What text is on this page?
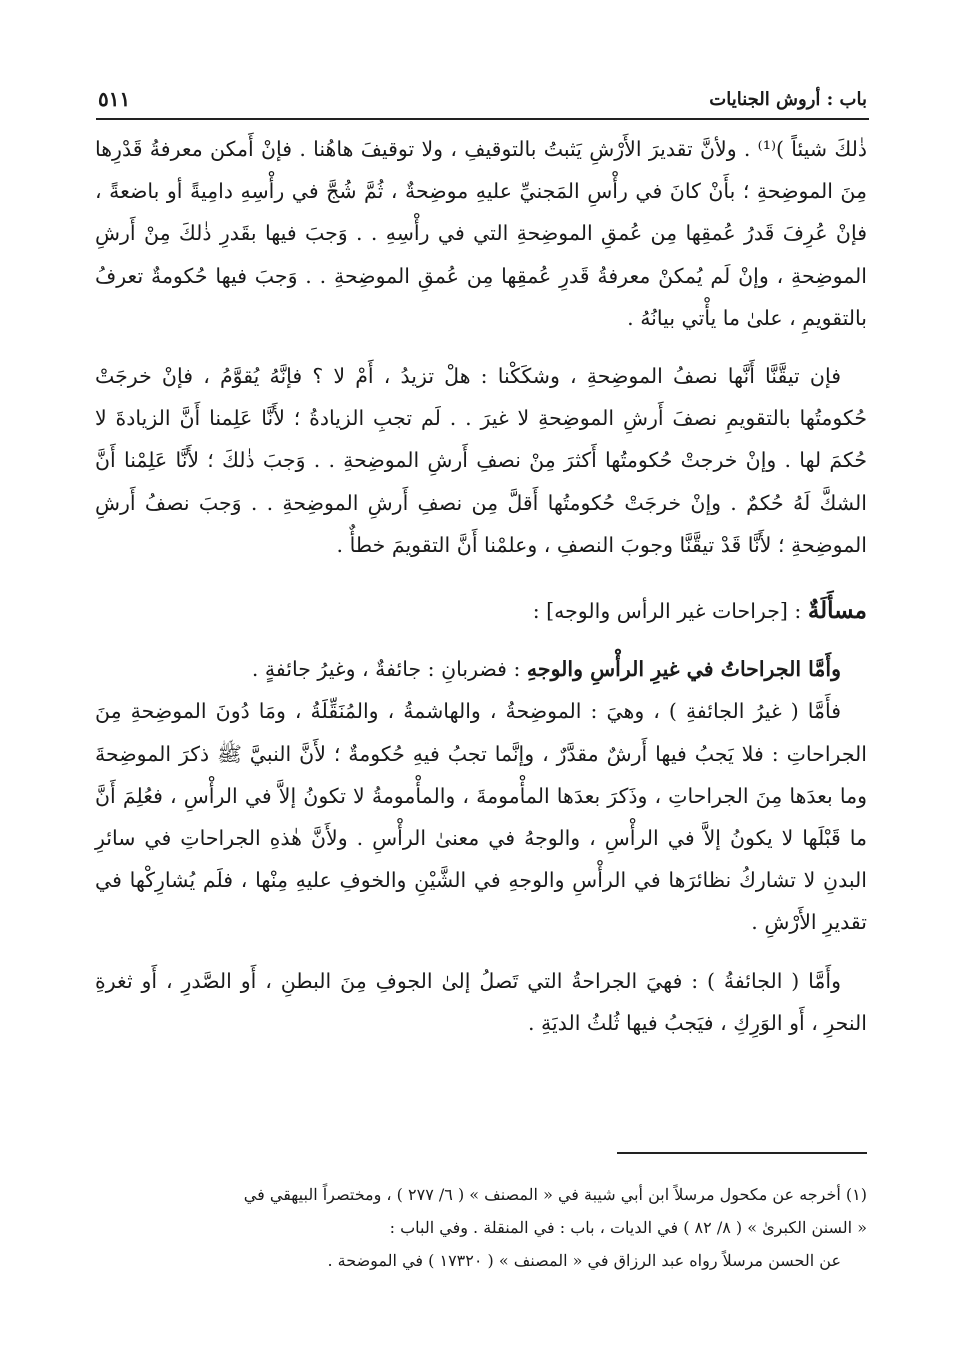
٥١١	باب : أروش الجنايات

ذٰلكَ شيئاً )⁽¹⁾ . ولأنَّ تقديرَ الأَرْشِ يَثبتُ بالتوقيفِ ، ولا توقيفَ هاهُنا . فإنْ أَمكن معرفةُ قَدْرِها مِنَ الموضِحةِ ؛ بأَنْ كانَ في رأْسِ المَجنيِّ عليهِ موضِحةٌ ، ثُمَّ شُجَّ في رأْسِهِ دامِيةً أو باضعةً ، فإنْ عُرِفَ قَدرُ عُمقِها مِن عُمقِ الموضِحةِ التي في رأْسِهِ . . وَجبَ فيها بقَدرِ ذٰلكَ مِنْ أَرشِ الموضِحةِ ، وإنْ لَم يُمكنْ معرفةُ قَدرِ عُمقِها مِن عُمقِ الموضِحةِ . . وَجبَ فيها حُكومةٌ تعرفُ بالتقويمِ ، علىٰ ما يأْتي بيانُهُ .

فإن تيقَّنَّا أَنَّها نصفُ الموضِحةِ ، وشكَكْنا : هلْ تزيدُ ، أَمْ لا ؟ فإنَّهُ يُقوَّمُ ، فإنْ خرجَتْ حُكومتُها بالتقويمِ نصفَ أَرشِ الموضِحةِ لا غيرَ . . لَم تجبِ الزيادةُ ؛ لأَنَّا عَلِمنا أَنَّ الزيادةَ لا حُكمَ لها . وإنْ خرجتْ حُكومتُها أَكثرَ مِنْ نصفِ أَرشِ الموضِحةِ . . وَجبَ ذٰلكَ ؛ لأَنَّا عَلِمْنا أَنَّ الشكَّ لَهُ حُكمٌ . وإنْ خرجَتْ حُكومتُها أَقلَّ مِن نصفِ أَرشِ الموضِحةِ . . وَجبَ نصفُ أَرشِ الموضِحةِ ؛ لأَنَّا قَدْ تيقَّنَّا وجوبَ النصفِ ، وعلمْنا أَنَّ التقويمَ خطأٌ .

مسأَلَةٌ : [جراحات غير الرأس والوجه] :

وأَمَّا الجراحاتُ في غيرِ الرأْسِ والوجهِ : فضربانِ : جائفةٌ ، وغيرُ جائفةٍ .

فأَمَّا ( غيرُ الجائفةِ ) ، وهيَ : الموضِحةُ ، والهاشمةُ ، والمُنَقِّلَةُ ، ومَا دُونَ الموضِحةِ مِنَ الجراحاتِ : فلا يَجبُ فيها أَرشٌ مقدَّرٌ ، وإنَّما تجبُ فيهِ حُكومةٌ ؛ لأَنَّ النبيَّ ﷺ ذكرَ الموضِحةَ وما بعدَها مِنَ الجراحاتِ ، وذَكرَ بعدَها المأْمومةَ ، والمأْمومةُ لا تكونُ إلاَّ في الرأْسِ ، فعُلِمَ أَنَّ ما قَبْلَها لا يكونُ إلاَّ في الرأْسِ ، والوجهُ في معنىٰ الرأْسِ . ولأَنَّ هٰذهِ الجراحاتِ في سائرِ البدنِ لا تشاركُ نظائرَها في الرأْسِ والوجهِ في الشَّيْنِ والخوفِ عليهِ مِنْها ، فلَم يُشارِكْها في تقديرِ الأَرْشِ .

وأَمَّا ( الجائفةُ ) : فهيَ الجراحةُ التي تَصلُ إلىٰ الجوفِ مِنَ البطنِ ، أَو الصَّدرِ ، أَو ثغرةِ النحرِ ، أَو الوَرِكِ ، فيَجبُ فيها ثُلثُ الديَةِ .

(١) أخرجه عن مكحول مرسلاً ابن أبي شيبة في « المصنف » ( ٦/ ٢٧٧ ) ، ومختصراً البيهقي في

« السنن الكبرىٰ » ( ٨/ ٨٢ ) في الديات ، باب : في المنقلة . وفي الباب :

عن الحسن مرسلاً رواه عبد الرزاق في « المصنف » ( ١٧٣٢٠ ) في الموضحة .
